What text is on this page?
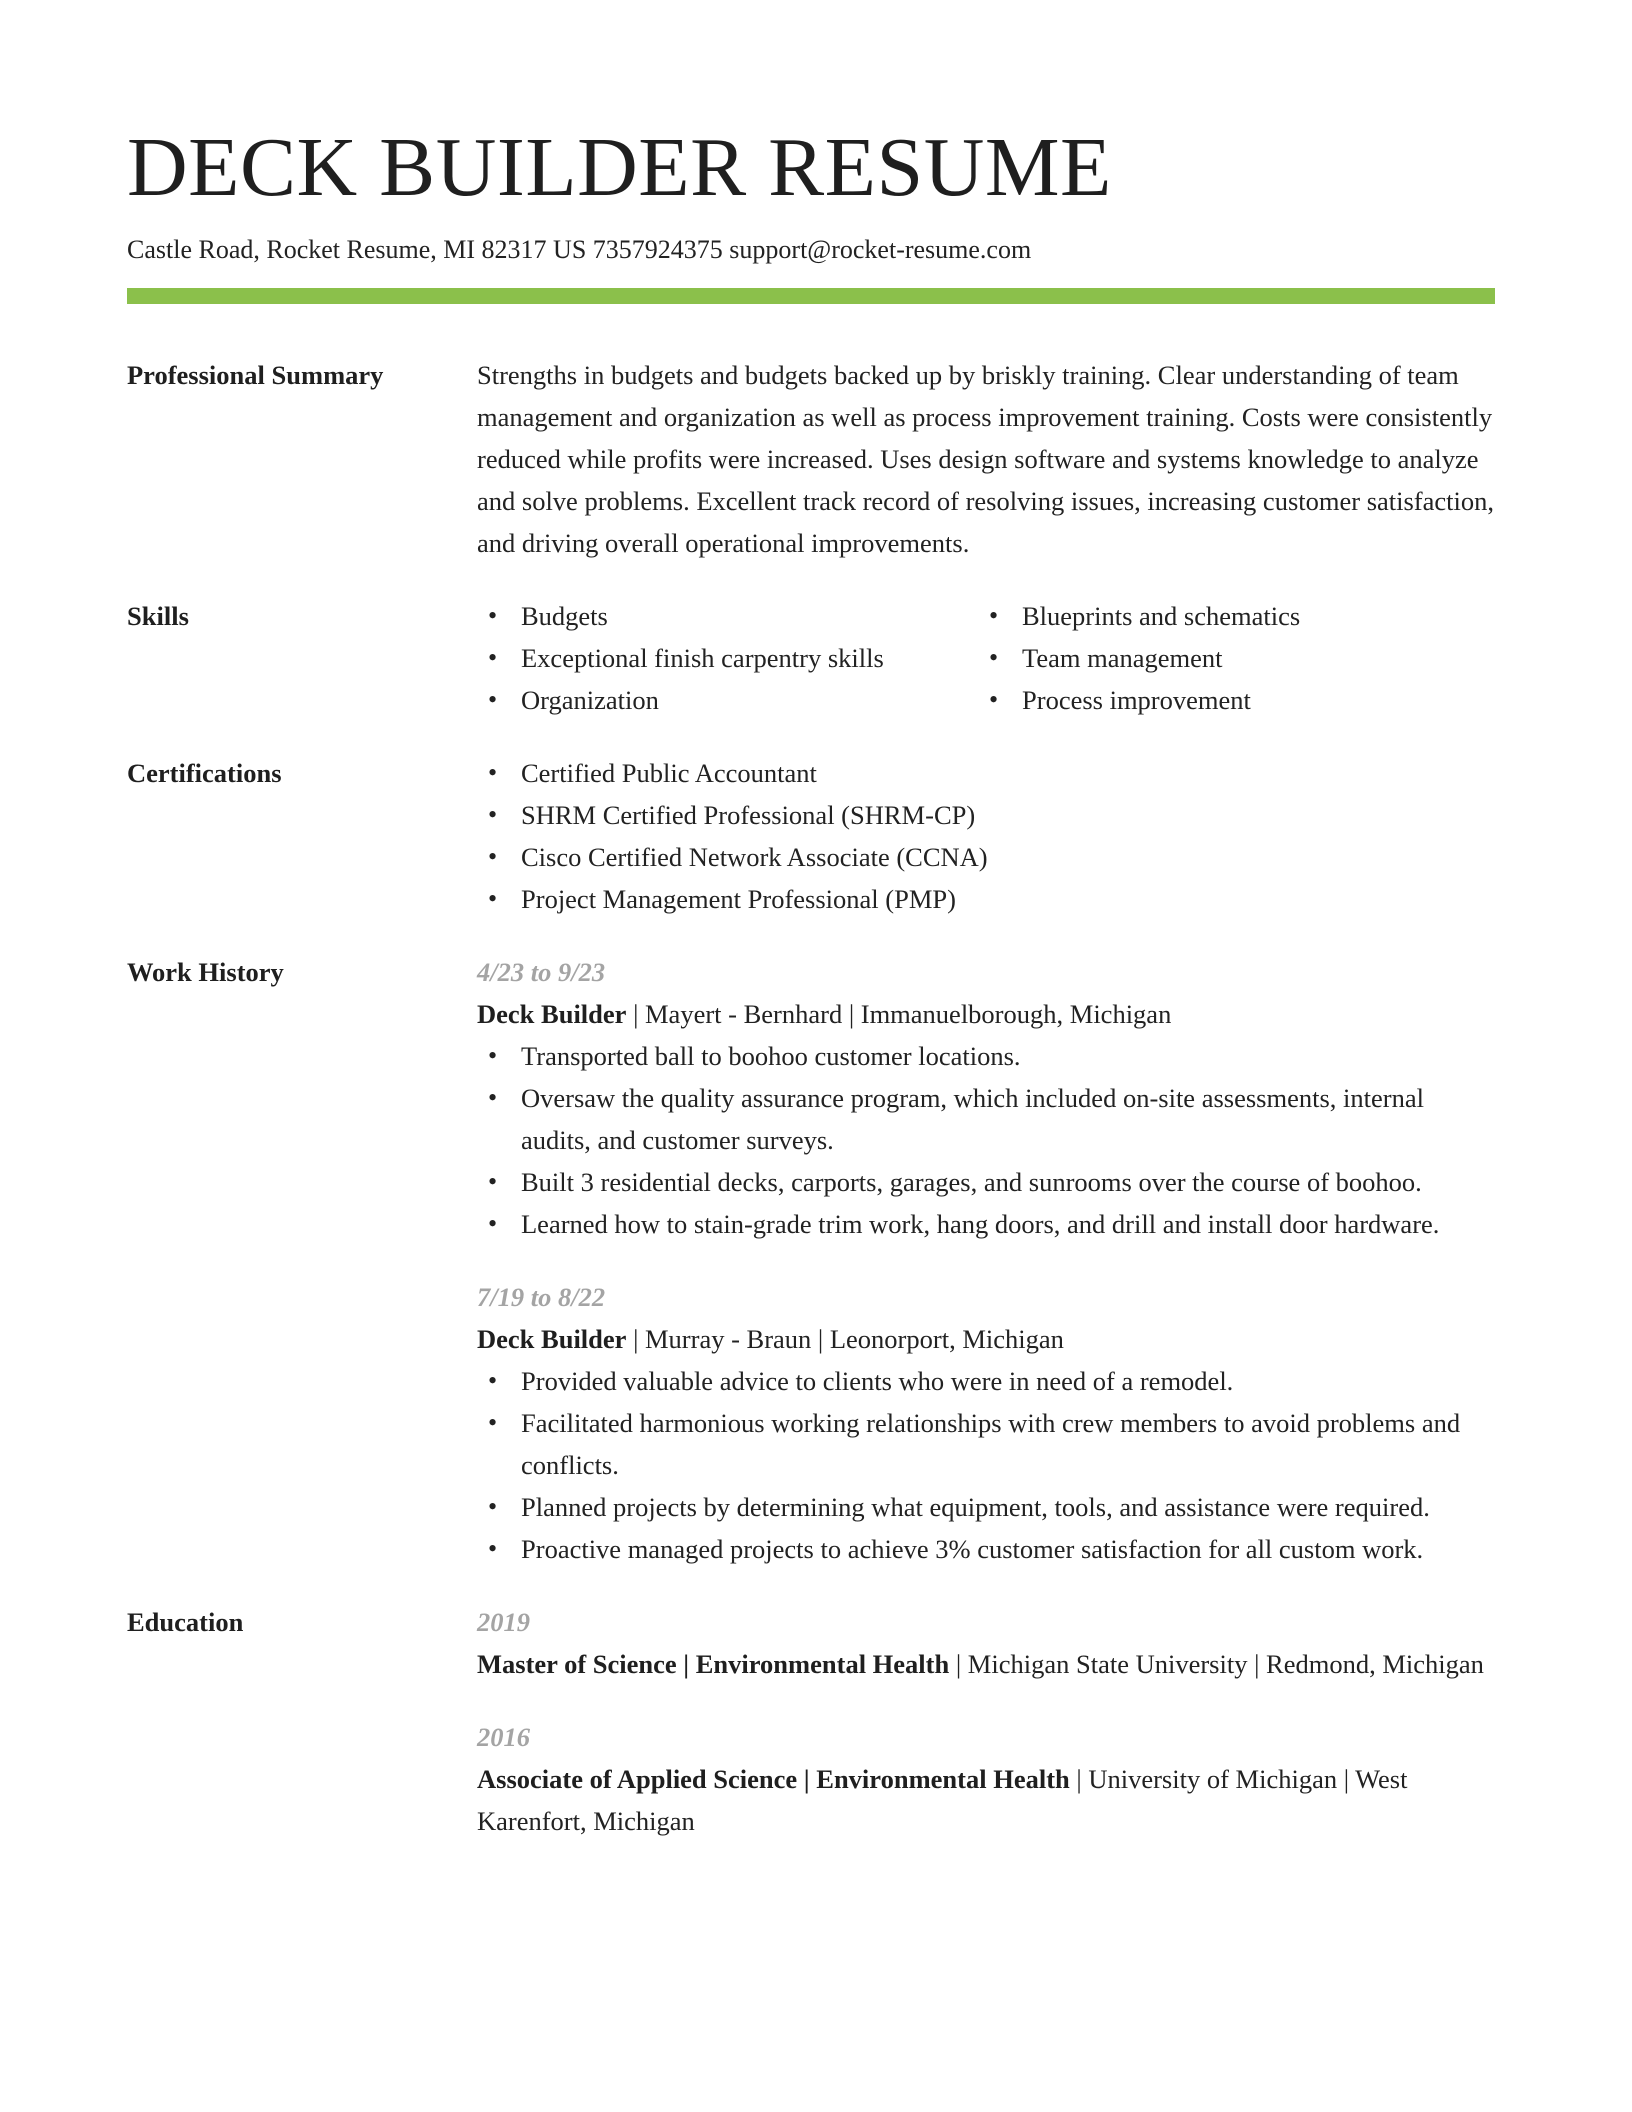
DECK BUILDER RESUME
Castle Road, Rocket Resume, MI 82317 US 7357924375 support@rocket-resume.com
Professional Summary	Strengths in budgets and budgets backed up by briskly training. Clear understanding of team management and organization as well as process improvement training. Costs were consistently reduced while profits were increased. Uses design software and systems knowledge to analyze and solve problems. Excellent track record of resolving issues, increasing customer satisfaction, and driving overall operational improvements.

Skills	• Budgets
• Exceptional finish carpentry skills
• Organization
• Blueprints and schematics
• Team management
• Process improvement
Certifications	• Certified Public Accountant
• SHRM Certified Professional (SHRM-CP)
• Cisco Certified Network Associate (CCNA)
• Project Management Professional (PMP)
Work History	4/23 to 9/23
Deck Builder | Mayert - Bernhard | Immanuelborough, Michigan
• Transported ball to boohoo customer locations.
• Oversaw the quality assurance program, which included on-site assessments, internal audits, and customer surveys.
• Built 3 residential decks, carports, garages, and sunrooms over the course of boohoo.
• Learned how to stain-grade trim work, hang doors, and drill and install door hardware.
7/19 to 8/22
Deck Builder | Murray - Braun | Leonorport, Michigan
• Provided valuable advice to clients who were in need of a remodel.
• Facilitated harmonious working relationships with crew members to avoid problems and conflicts.
• Planned projects by determining what equipment, tools, and assistance were required.
• Proactive managed projects to achieve 3% customer satisfaction for all custom work.
Education	2019
Master of Science | Environmental Health | Michigan State University | Redmond, Michigan
2016
Associate of Applied Science | Environmental Health | University of Michigan | West Karenfort, Michigan
